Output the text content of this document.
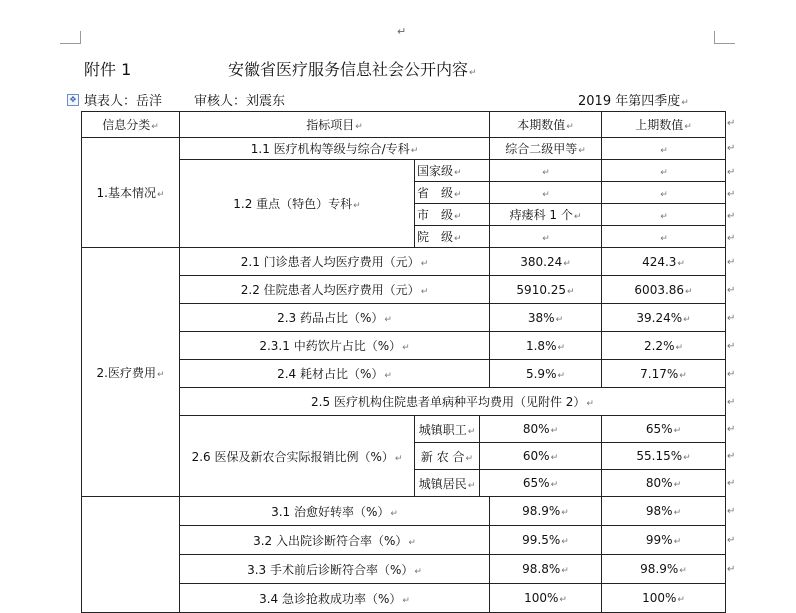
↵
附件 1	安徽省医疗服务信息社会公开内容↵
✥ 填表人：岳洋 审核人：刘震东	2019 年第四季度↵
信息分类↵	指标项目↵			本期数值↵	上期数值↵
1.基本情况↵	1.1 医疗机构等级与综合/专科↵			综合二级甲等↵	↵
	1.2 重点（特色）专科↵	国家级↵		↵	↵
		省　级↵		↵	↵
		市　级↵		痔瘘科 1 个↵	↵
		院　级↵		↵	↵
2.医疗费用↵	2.1 门诊患者人均医疗费用（元）↵			380.24↵	424.3↵
	2.2 住院患者人均医疗费用（元）↵			5910.25↵	6003.86↵
	2.3 药品占比（%）↵			38%↵	39.24%↵
	2.3.1 中药饮片占比（%）↵			1.8%↵	2.2%↵
	2.4 耗材占比（%）↵			5.9%↵	7.17%↵
	2.5 医疗机构住院患者单病种平均费用（见附件 2）↵				
	2.6 医保及新农合实际报销比例（%）↵	城镇职工↵	80%↵		65%↵
		新 农 合↵	60%↵		55.15%↵
		城镇居民↵	65%↵		80%↵
	3.1 治愈好转率（%）↵			98.9%↵	98%↵
	3.2 入出院诊断符合率（%）↵			99.5%↵	99%↵
	3.3 手术前后诊断符合率（%）↵			98.8%↵	98.9%↵
	3.4 急诊抢救成功率（%）↵			100%↵	100%↵
↵
↵
↵
↵
↵
↵
↵
↵
↵
↵
↵
↵
↵
↵
↵
↵
↵
↵
